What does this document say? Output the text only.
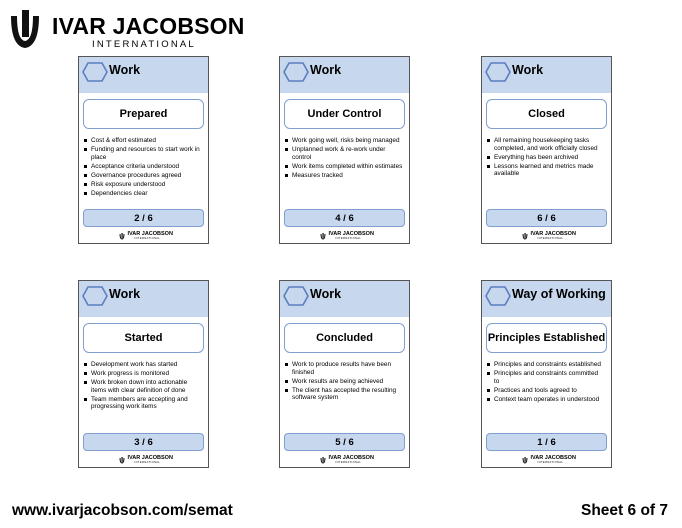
IVAR JACOBSON
INTERNATIONAL
Work
Prepared
Cost & effort estimated
Funding and resources to start work in place
Acceptance criteria understood
Governance procedures agreed
Risk exposure understood
Dependencies clear
2 / 6
IVAR JACOBSON
INTERNATIONAL
Work
Under Control
Work going well, risks being managed
Unplanned work & re-work under control
Work items completed within estimates
Measures tracked
4 / 6
IVAR JACOBSON
INTERNATIONAL
Work
Closed
All remaining housekeeping tasks completed, and work officially closed
Everything has been archived
Lessons learned and metrics made available
6 / 6
IVAR JACOBSON
INTERNATIONAL
Work
Started
Development work has started
Work progress is monitored
Work broken down into actionable items with clear definition of done
Team members are accepting and progressing work items
3 / 6
IVAR JACOBSON
INTERNATIONAL
Work
Concluded
Work to produce results have been finished
Work results are being achieved
The client has accepted the resulting software system
5 / 6
IVAR JACOBSON
INTERNATIONAL
Way of Working
Principles Established
Principles and constraints established
Principles and constraints committed to
Practices and tools agreed to
Context team operates in understood
1 / 6
IVAR JACOBSON
INTERNATIONAL
www.ivarjacobson.com/semat	Sheet 6 of 7
